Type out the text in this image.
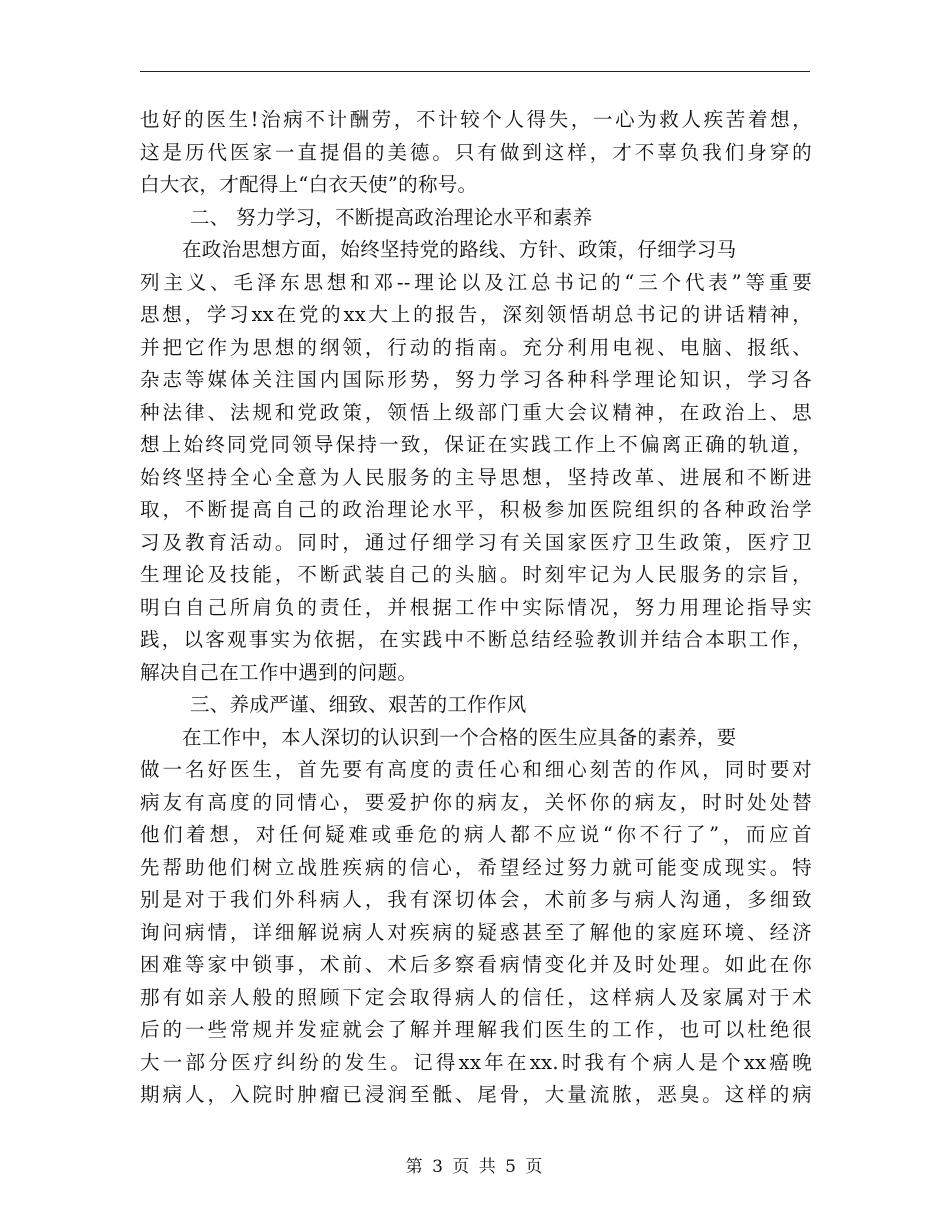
也好的医生!治病不计酬劳，不计较个人得失，一心为救人疾苦着想，
这是历代医家一直提倡的美德。只有做到这样，才不辜负我们身穿的
白大衣，才配得上“白衣天使”的称号。
二、 努力学习，不断提高政治理论水平和素养
在政治思想方面，始终坚持党的路线、方针、政策，仔细学习马
列主义、毛泽东思想和邓--理论以及江总书记的“三个代表”等重要
思想，学习xx在党的xx大上的报告，深刻领悟胡总书记的讲话精神，
并把它作为思想的纲领，行动的指南。充分利用电视、电脑、报纸、
杂志等媒体关注国内国际形势，努力学习各种科学理论知识，学习各
种法律、法规和党政策，领悟上级部门重大会议精神，在政治上、思
想上始终同党同领导保持一致，保证在实践工作上不偏离正确的轨道，
始终坚持全心全意为人民服务的主导思想，坚持改革、进展和不断进
取，不断提高自己的政治理论水平，积极参加医院组织的各种政治学
习及教育活动。同时，通过仔细学习有关国家医疗卫生政策，医疗卫
生理论及技能，不断武装自己的头脑。时刻牢记为人民服务的宗旨，
明白自己所肩负的责任，并根据工作中实际情况，努力用理论指导实
践，以客观事实为依据，在实践中不断总结经验教训并结合本职工作，
解决自己在工作中遇到的问题。
三、养成严谨、细致、艰苦的工作作风
在工作中，本人深切的认识到一个合格的医生应具备的素养，要
做一名好医生，首先要有高度的责任心和细心刻苦的作风，同时要对
病友有高度的同情心，要爱护你的病友，关怀你的病友，时时处处替
他们着想，对任何疑难或垂危的病人都不应说“你不行了”，而应首
先帮助他们树立战胜疾病的信心，希望经过努力就可能变成现实。特
别是对于我们外科病人，我有深切体会，术前多与病人沟通，多细致
询问病情，详细解说病人对疾病的疑惑甚至了解他的家庭环境、经济
困难等家中锁事，术前、术后多察看病情变化并及时处理。如此在你
那有如亲人般的照顾下定会取得病人的信任，这样病人及家属对于术
后的一些常规并发症就会了解并理解我们医生的工作，也可以杜绝很
大一部分医疗纠纷的发生。记得xx年在xx.时我有个病人是个xx癌晚
期病人，入院时肿瘤已浸润至骶、尾骨，大量流脓，恶臭。这样的病
第 3 页 共 5 页
